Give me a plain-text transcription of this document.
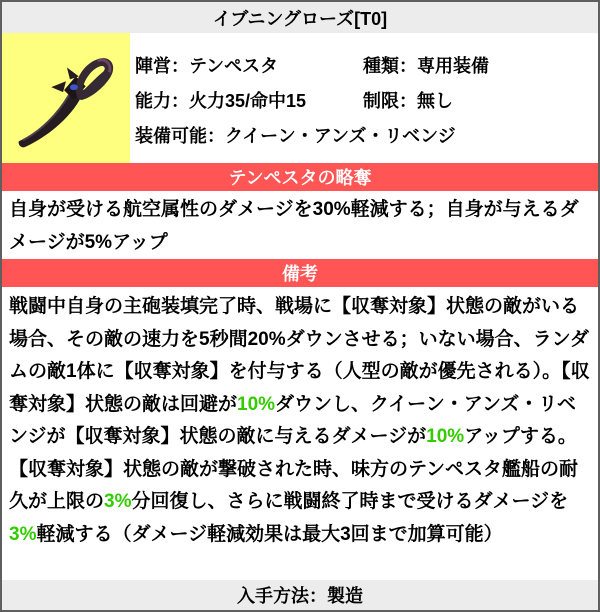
イブニングローズ[T0]
陣営：テンペスタ	種類：専用装備
能力：火力35/命中15	制限：無し
装備可能：クイーン・アンズ・リベンジ
テンペスタの略奪
自身が受ける航空属性のダメージを30%軽減する；自身が与えるダメージが5%アップ
備考
戦闘中自身の主砲装填完了時、戦場に【収奪対象】状態の敵がいる場合、その敵の速力を5秒間20%ダウンさせる；いない場合、ランダムの敵1体に【収奪対象】を付与する（人型の敵が優先される）。【収奪対象】状態の敵は回避が10%ダウンし、クイーン・アンズ・リベンジが【収奪対象】状態の敵に与えるダメージが10%アップする。【収奪対象】状態の敵が撃破された時、味方のテンペスタ艦船の耐久が上限の3%分回復し、さらに戦闘終了時まで受けるダメージを3%軽減する（ダメージ軽減効果は最大3回まで加算可能）
入手方法：製造
